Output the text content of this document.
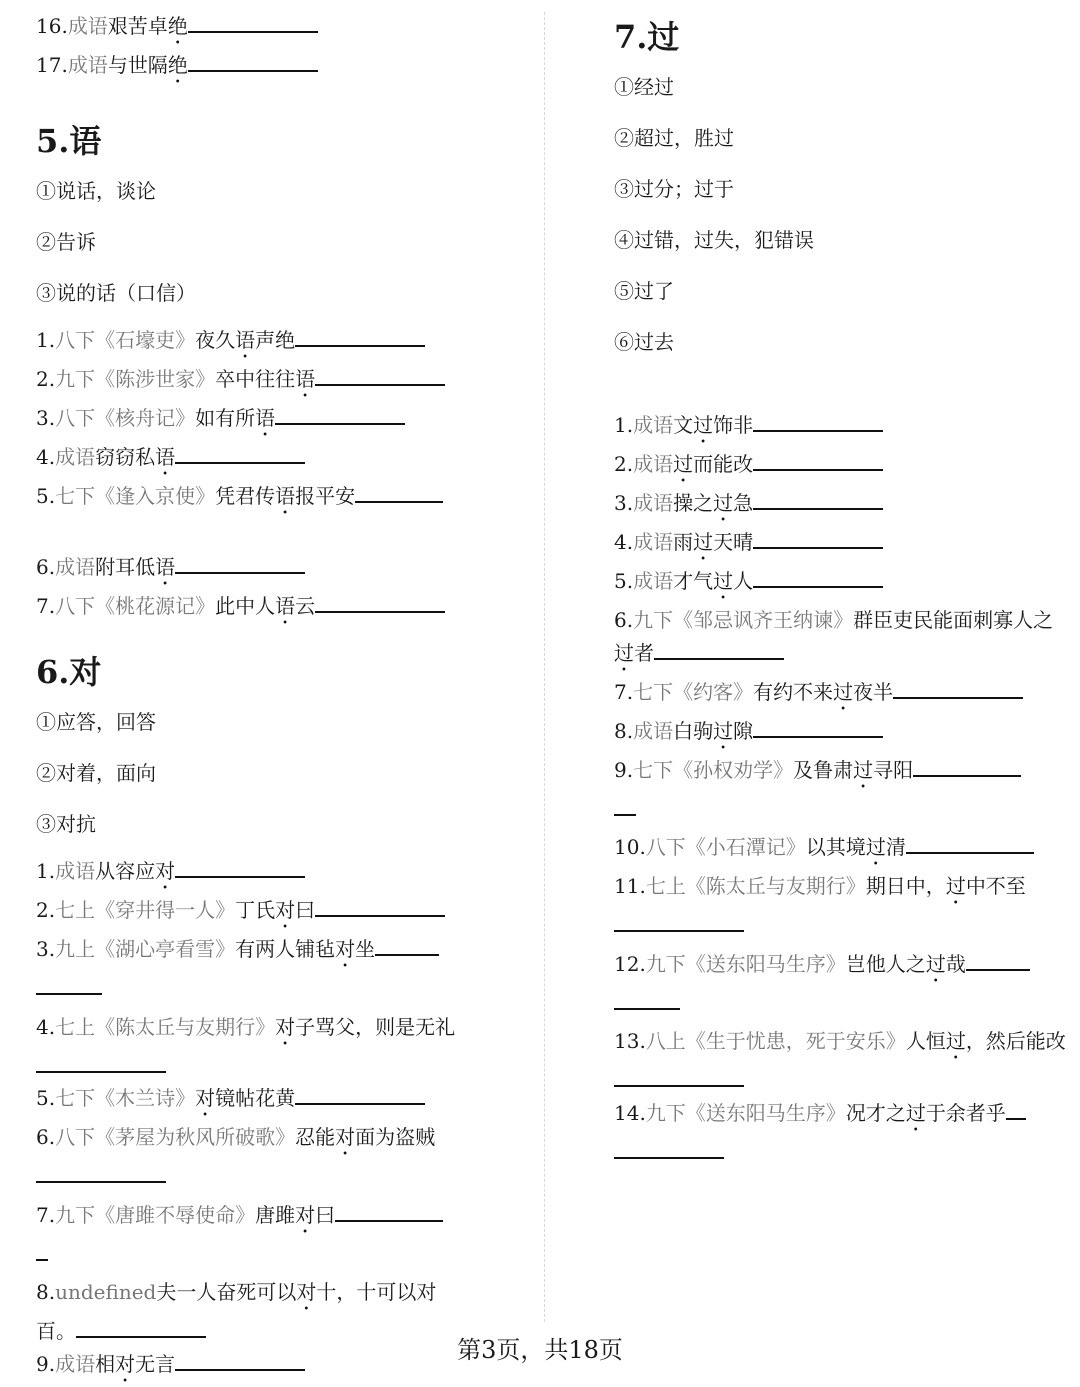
16.成语艰苦卓绝

17.成语与世隔绝

5.语

①说话，谈论

②告诉

③说的话（口信）

1.八下《石壕吏》夜久语声绝

2.九下《陈涉世家》卒中往往语

3.八下《核舟记》如有所语

4.成语窃窃私语

5.七下《逢入京使》凭君传语报平安

6.成语附耳低语

7.八下《桃花源记》此中人语云

6.对

①应答，回答

②对着，面向

③对抗

1.成语从容应对

2.七上《穿井得一人》丁氏对曰

3.九上《湖心亭看雪》有两人铺毡对坐

4.七上《陈太丘与友期行》对子骂父，则是无礼

5.七下《木兰诗》对镜帖花黄

6.八下《茅屋为秋风所破歌》忍能对面为盗贼

7.九下《唐雎不辱使命》唐雎对曰

8.undefined夫一人奋死可以对十，十可以对百。

9.成语相对无言

7.过

①经过

②超过，胜过

③过分；过于

④过错，过失，犯错误

⑤过了

⑥过去

1.成语文过饰非

2.成语过而能改

3.成语操之过急

4.成语雨过天晴

5.成语才气过人

6.九下《邹忌讽齐王纳谏》群臣吏民能面刺寡人之过者

7.七下《约客》有约不来过夜半

8.成语白驹过隙

9.七下《孙权劝学》及鲁肃过寻阳

10.八下《小石潭记》以其境过清

11.七上《陈太丘与友期行》期日中，过中不至

12.九下《送东阳马生序》岂他人之过哉

13.八上《生于忧患，死于安乐》人恒过，然后能改

14.九下《送东阳马生序》况才之过于余者乎

第3页，共18页
